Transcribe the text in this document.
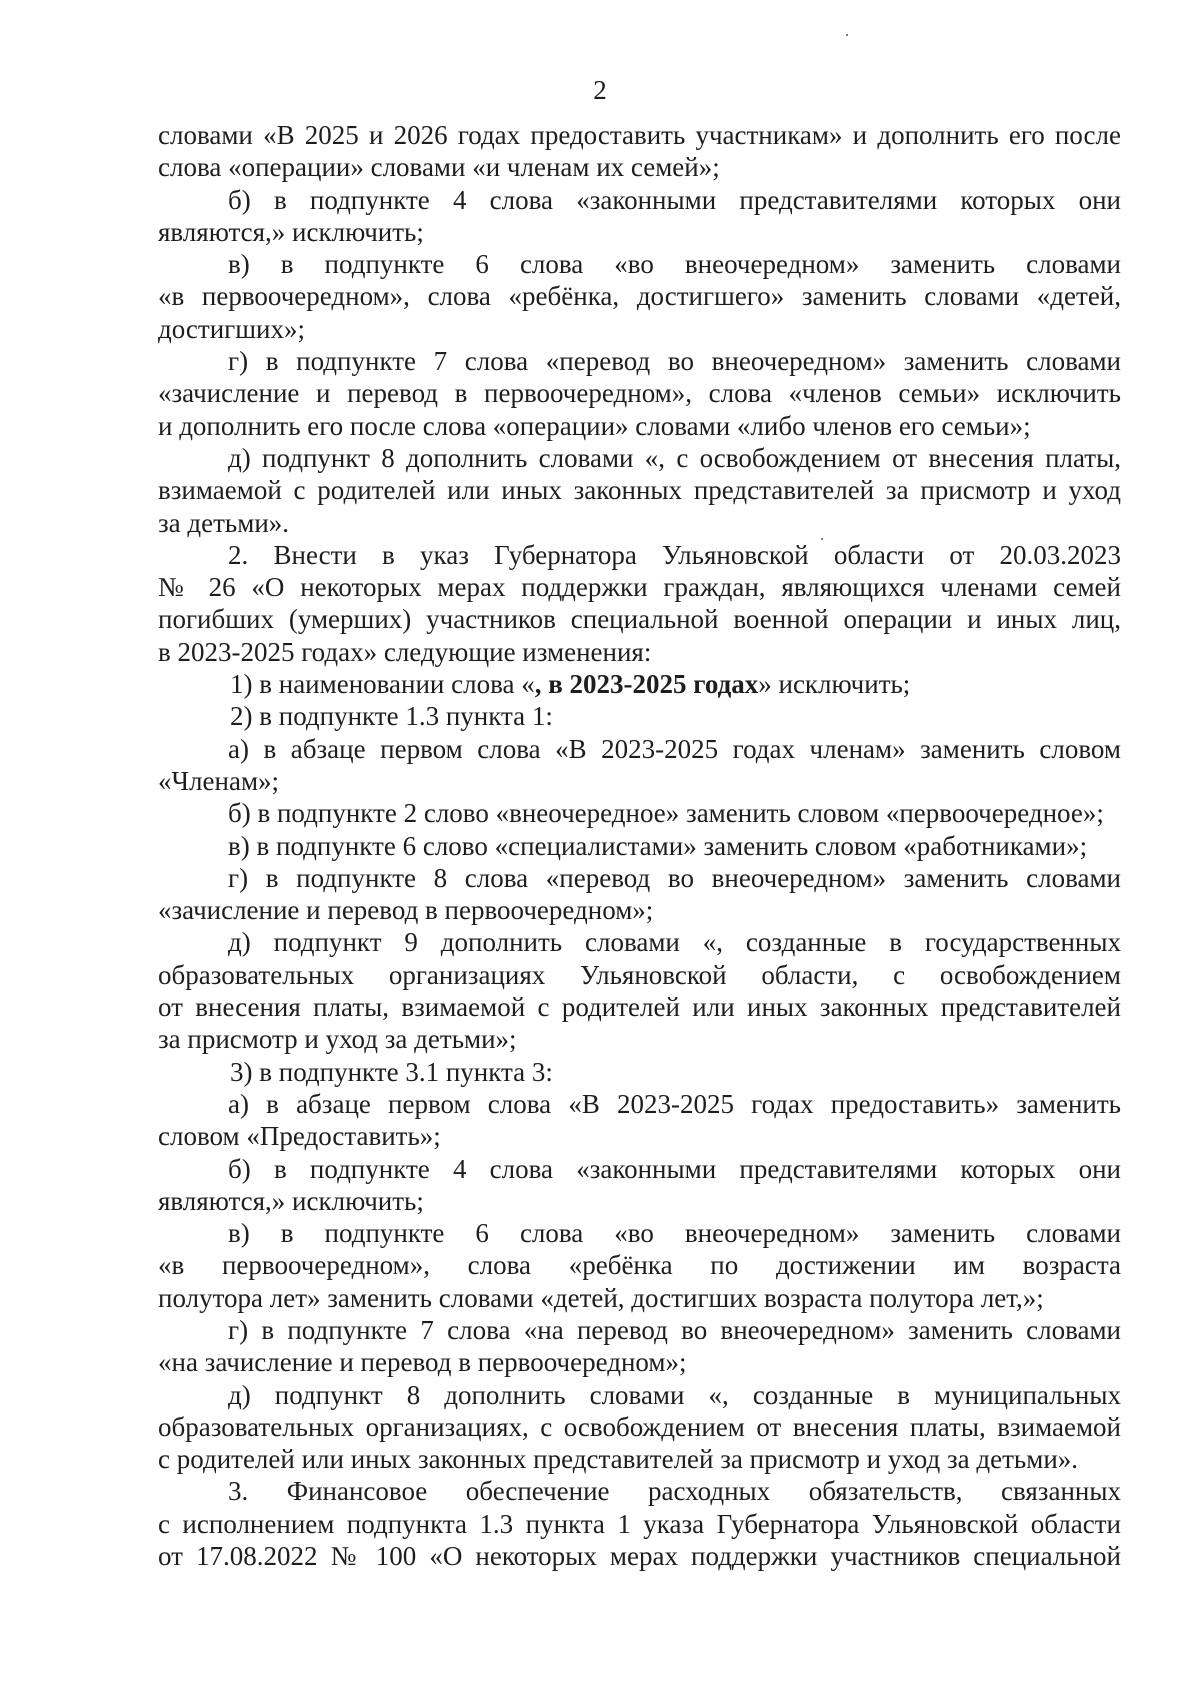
2
словами «В 2025 и 2026 годах предоставить участникам» и дополнить его после
слова «операции» словами «и членам их семей»;
б) в подпункте 4 слова «законными представителями которых они
являются,» исключить;
в) в подпункте 6 слова «во внеочередном» заменить словами
«в первоочередном», слова «ребёнка, достигшего» заменить словами «детей,
достигших»;
г) в подпункте 7 слова «перевод во внеочередном» заменить словами
«зачисление и перевод в первоочередном», слова «членов семьи» исключить
и дополнить его после слова «операции» словами «либо членов его семьи»;
д) подпункт 8 дополнить словами «, с освобождением от внесения платы,
взимаемой с родителей или иных законных представителей за присмотр и уход
за детьми».
2. Внести в указ Губернатора Ульяновской области от 20.03.2023
№ 26 «О некоторых мерах поддержки граждан, являющихся членами семей
погибших (умерших) участников специальной военной операции и иных лиц,
в 2023-2025 годах» следующие изменения:
1) в наименовании слова «, в 2023-2025 годах» исключить;
2) в подпункте 1.3 пункта 1:
а) в абзаце первом слова «В 2023-2025 годах членам» заменить словом
«Членам»;
б) в подпункте 2 слово «внеочередное» заменить словом «первоочередное»;
в) в подпункте 6 слово «специалистами» заменить словом «работниками»;
г) в подпункте 8 слова «перевод во внеочередном» заменить словами
«зачисление и перевод в первоочередном»;
д) подпункт 9 дополнить словами «, созданные в государственных
образовательных организациях Ульяновской области, с освобождением
от внесения платы, взимаемой с родителей или иных законных представителей
за присмотр и уход за детьми»;
3) в подпункте 3.1 пункта 3:
а) в абзаце первом слова «В 2023-2025 годах предоставить» заменить
словом «Предоставить»;
б) в подпункте 4 слова «законными представителями которых они
являются,» исключить;
в) в подпункте 6 слова «во внеочередном» заменить словами
«в первоочередном», слова «ребёнка по достижении им возраста
полутора лет» заменить словами «детей, достигших возраста полутора лет,»;
г) в подпункте 7 слова «на перевод во внеочередном» заменить словами
«на зачисление и перевод в первоочередном»;
д) подпункт 8 дополнить словами «, созданные в муниципальных
образовательных организациях, с освобождением от внесения платы, взимаемой
с родителей или иных законных представителей за присмотр и уход за детьми».
3. Финансовое обеспечение расходных обязательств, связанных
с исполнением подпункта 1.3 пункта 1 указа Губернатора Ульяновской области
от 17.08.2022 № 100 «О некоторых мерах поддержки участников специальной
